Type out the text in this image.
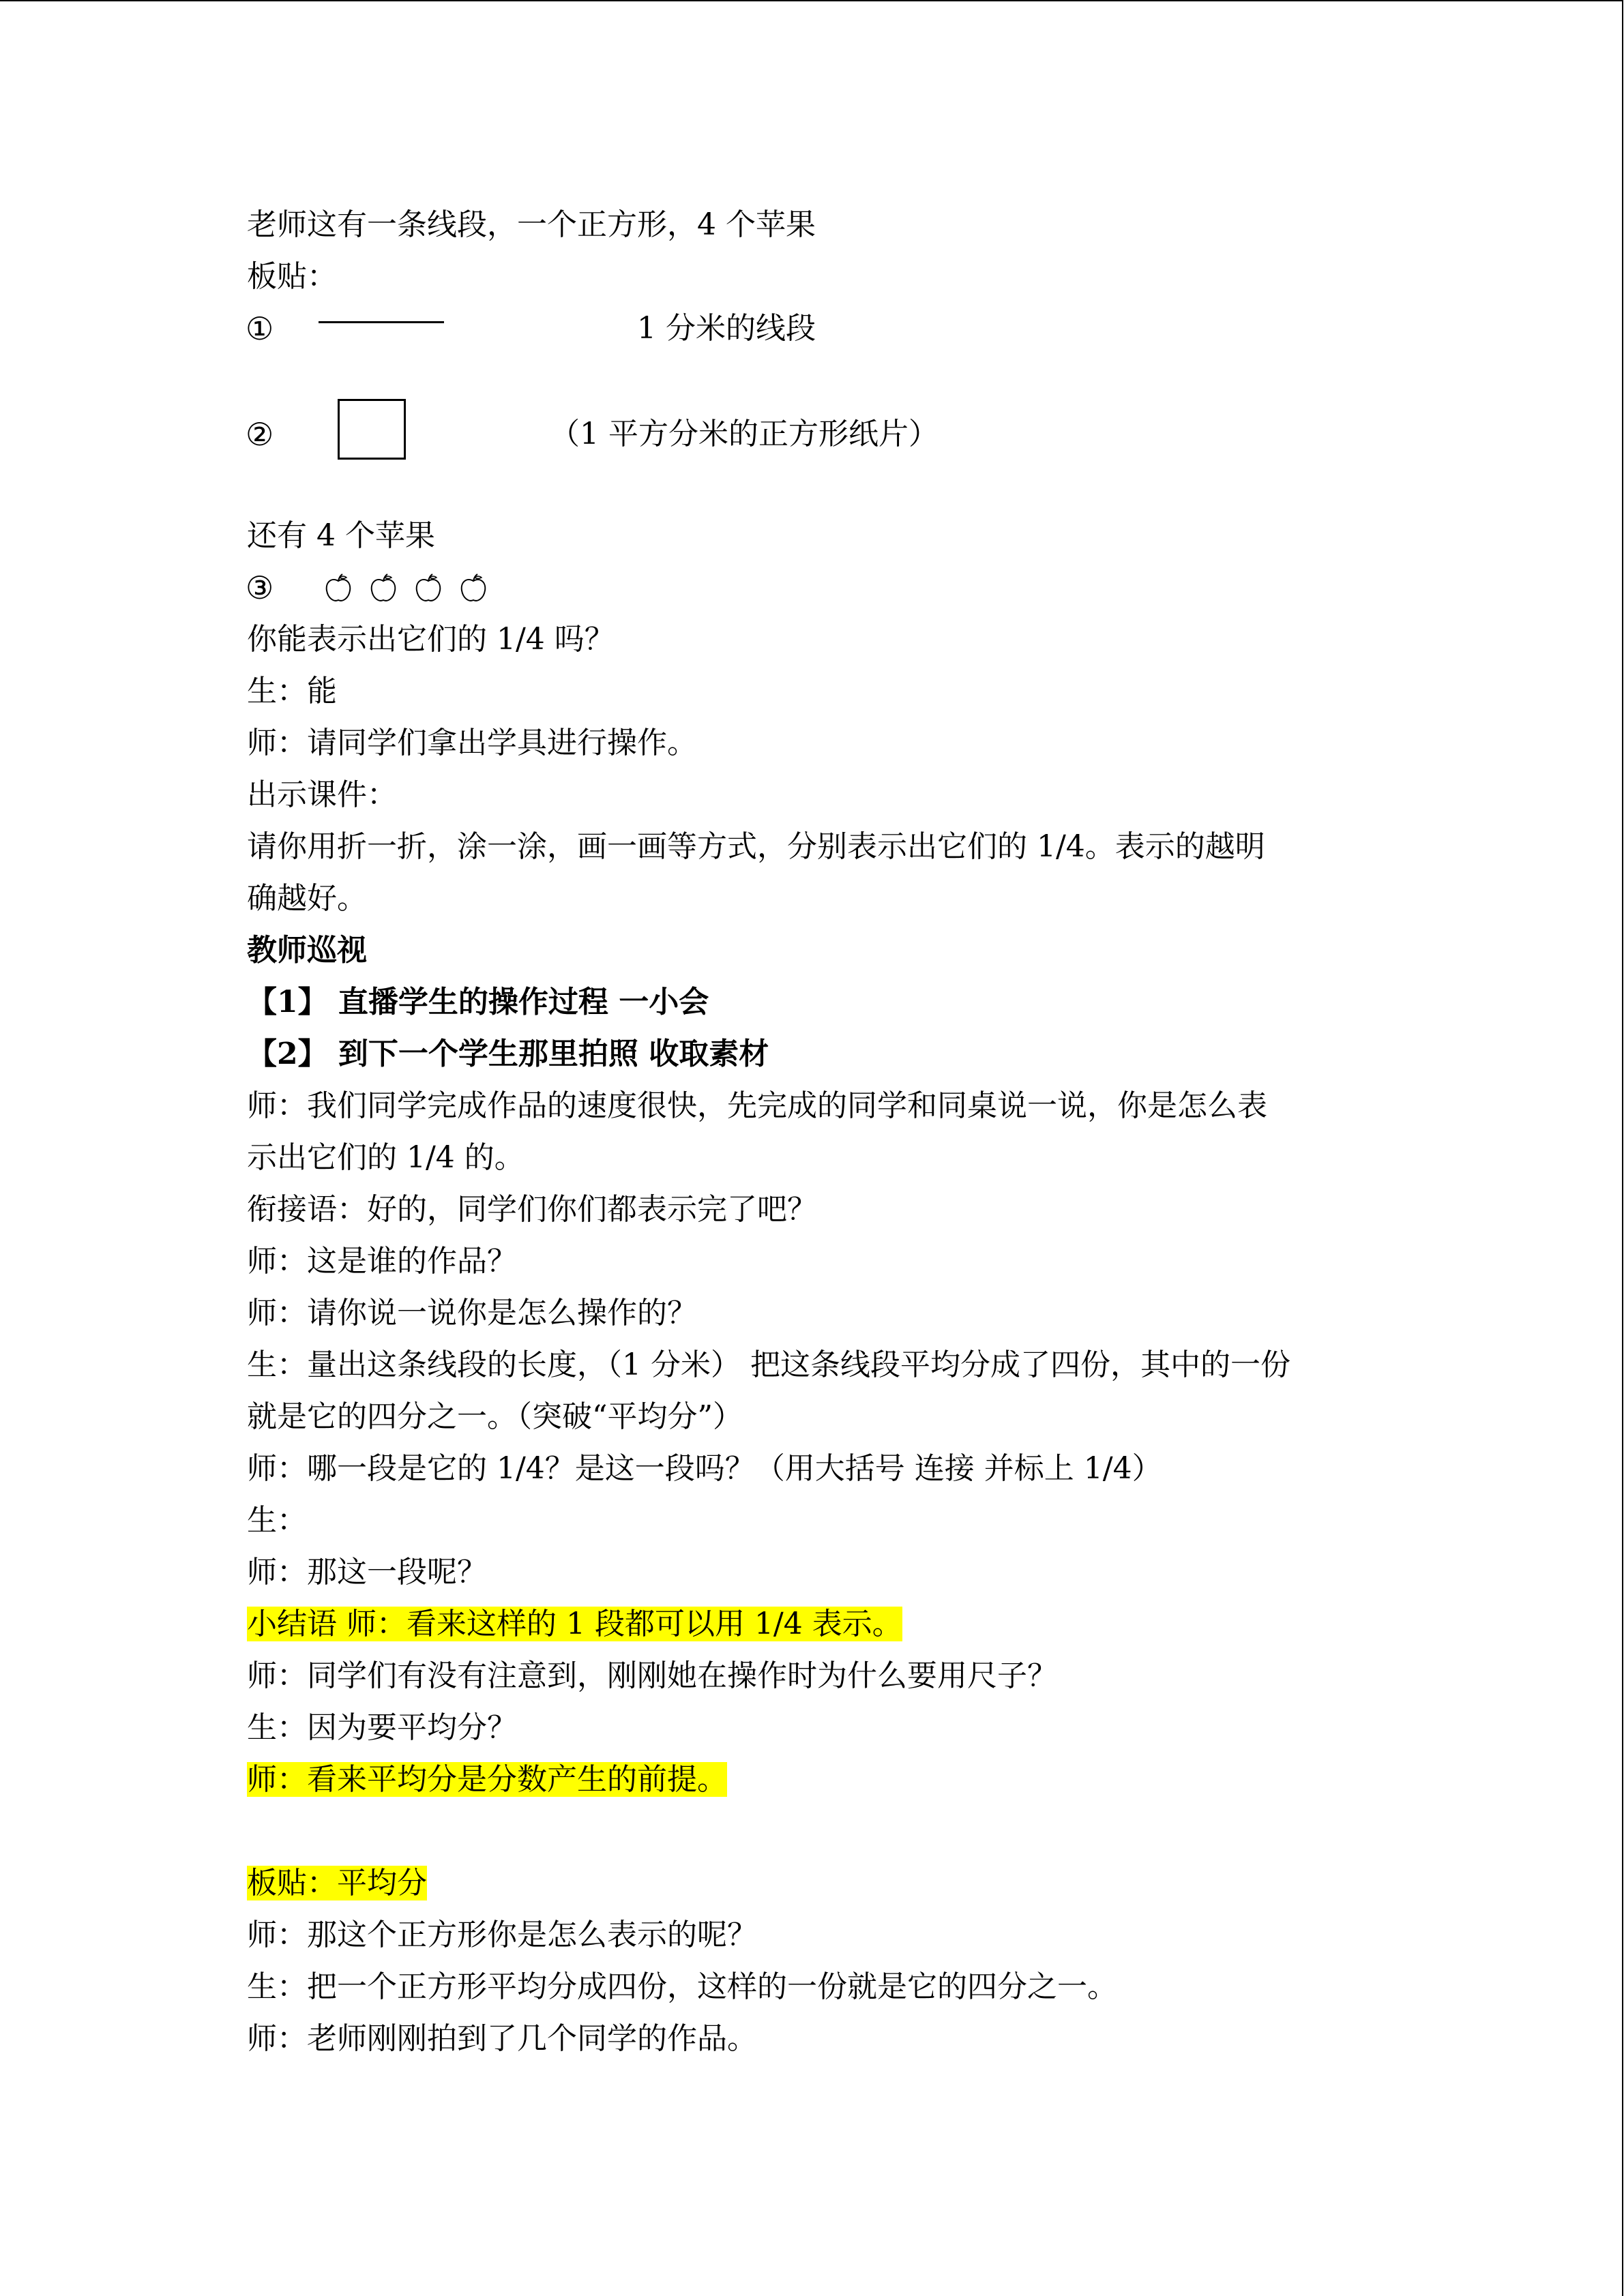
老师这有一条线段，一个正方形，4 个苹果
板贴：
①	1 分米的线段
②	（1 平方分米的正方形纸片）
还有 4 个苹果
③
你能表示出它们的 1/4 吗？
生：能
师：请同学们拿出学具进行操作。
出示课件：
请你用折一折，涂一涂，画一画等方式，分别表示出它们的 1/4。表示的越明
确越好。
教师巡视
【1】 直播学生的操作过程 一小会
【2】 到下一个学生那里拍照 收取素材
师：我们同学完成作品的速度很快，先完成的同学和同桌说一说，你是怎么表
示出它们的 1/4 的。
衔接语：好的，同学们你们都表示完了吧？
师：这是谁的作品？
师：请你说一说你是怎么操作的？
生：量出这条线段的长度，（1 分米） 把这条线段平均分成了四份，其中的一份
就是它的四分之一。（突破“平均分”）
师：哪一段是它的 1/4？是这一段吗？（用大括号 连接 并标上 1/4）
生：
师：那这一段呢？
小结语 师：看来这样的 1 段都可以用 1/4 表示。
师：同学们有没有注意到，刚刚她在操作时为什么要用尺子？
生：因为要平均分？
师：看来平均分是分数产生的前提。
板贴：平均分
师：那这个正方形你是怎么表示的呢？
生：把一个正方形平均分成四份，这样的一份就是它的四分之一。
师：老师刚刚拍到了几个同学的作品。
